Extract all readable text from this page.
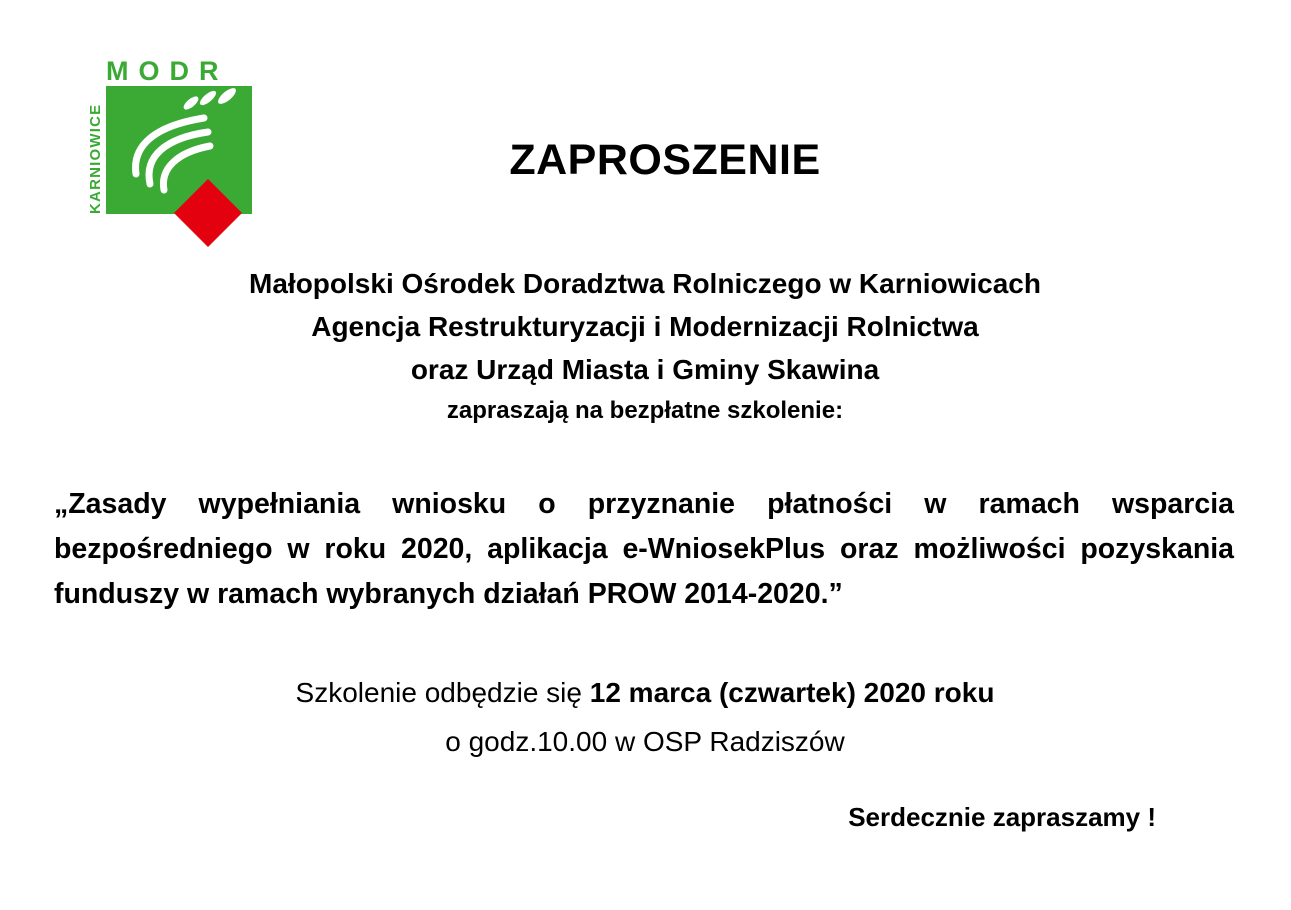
MODR
KARNIOWICE	ZAPROSZENIE
Małopolski Ośrodek Doradztwa Rolniczego w Karniowicach
Agencja Restrukturyzacji i Modernizacji Rolnictwa
oraz Urząd Miasta i Gminy Skawina
zapraszają na bezpłatne szkolenie:
„Zasady wypełniania wniosku o przyznanie płatności w ramach wsparcia bezpośredniego w roku 2020, aplikacja e-WniosekPlus oraz możliwości pozyskania funduszy w ramach wybranych działań PROW 2014-2020.”
Szkolenie odbędzie się 12 marca (czwartek) 2020 roku
o godz.10.00 w OSP Radziszów
Serdecznie zapraszamy !
